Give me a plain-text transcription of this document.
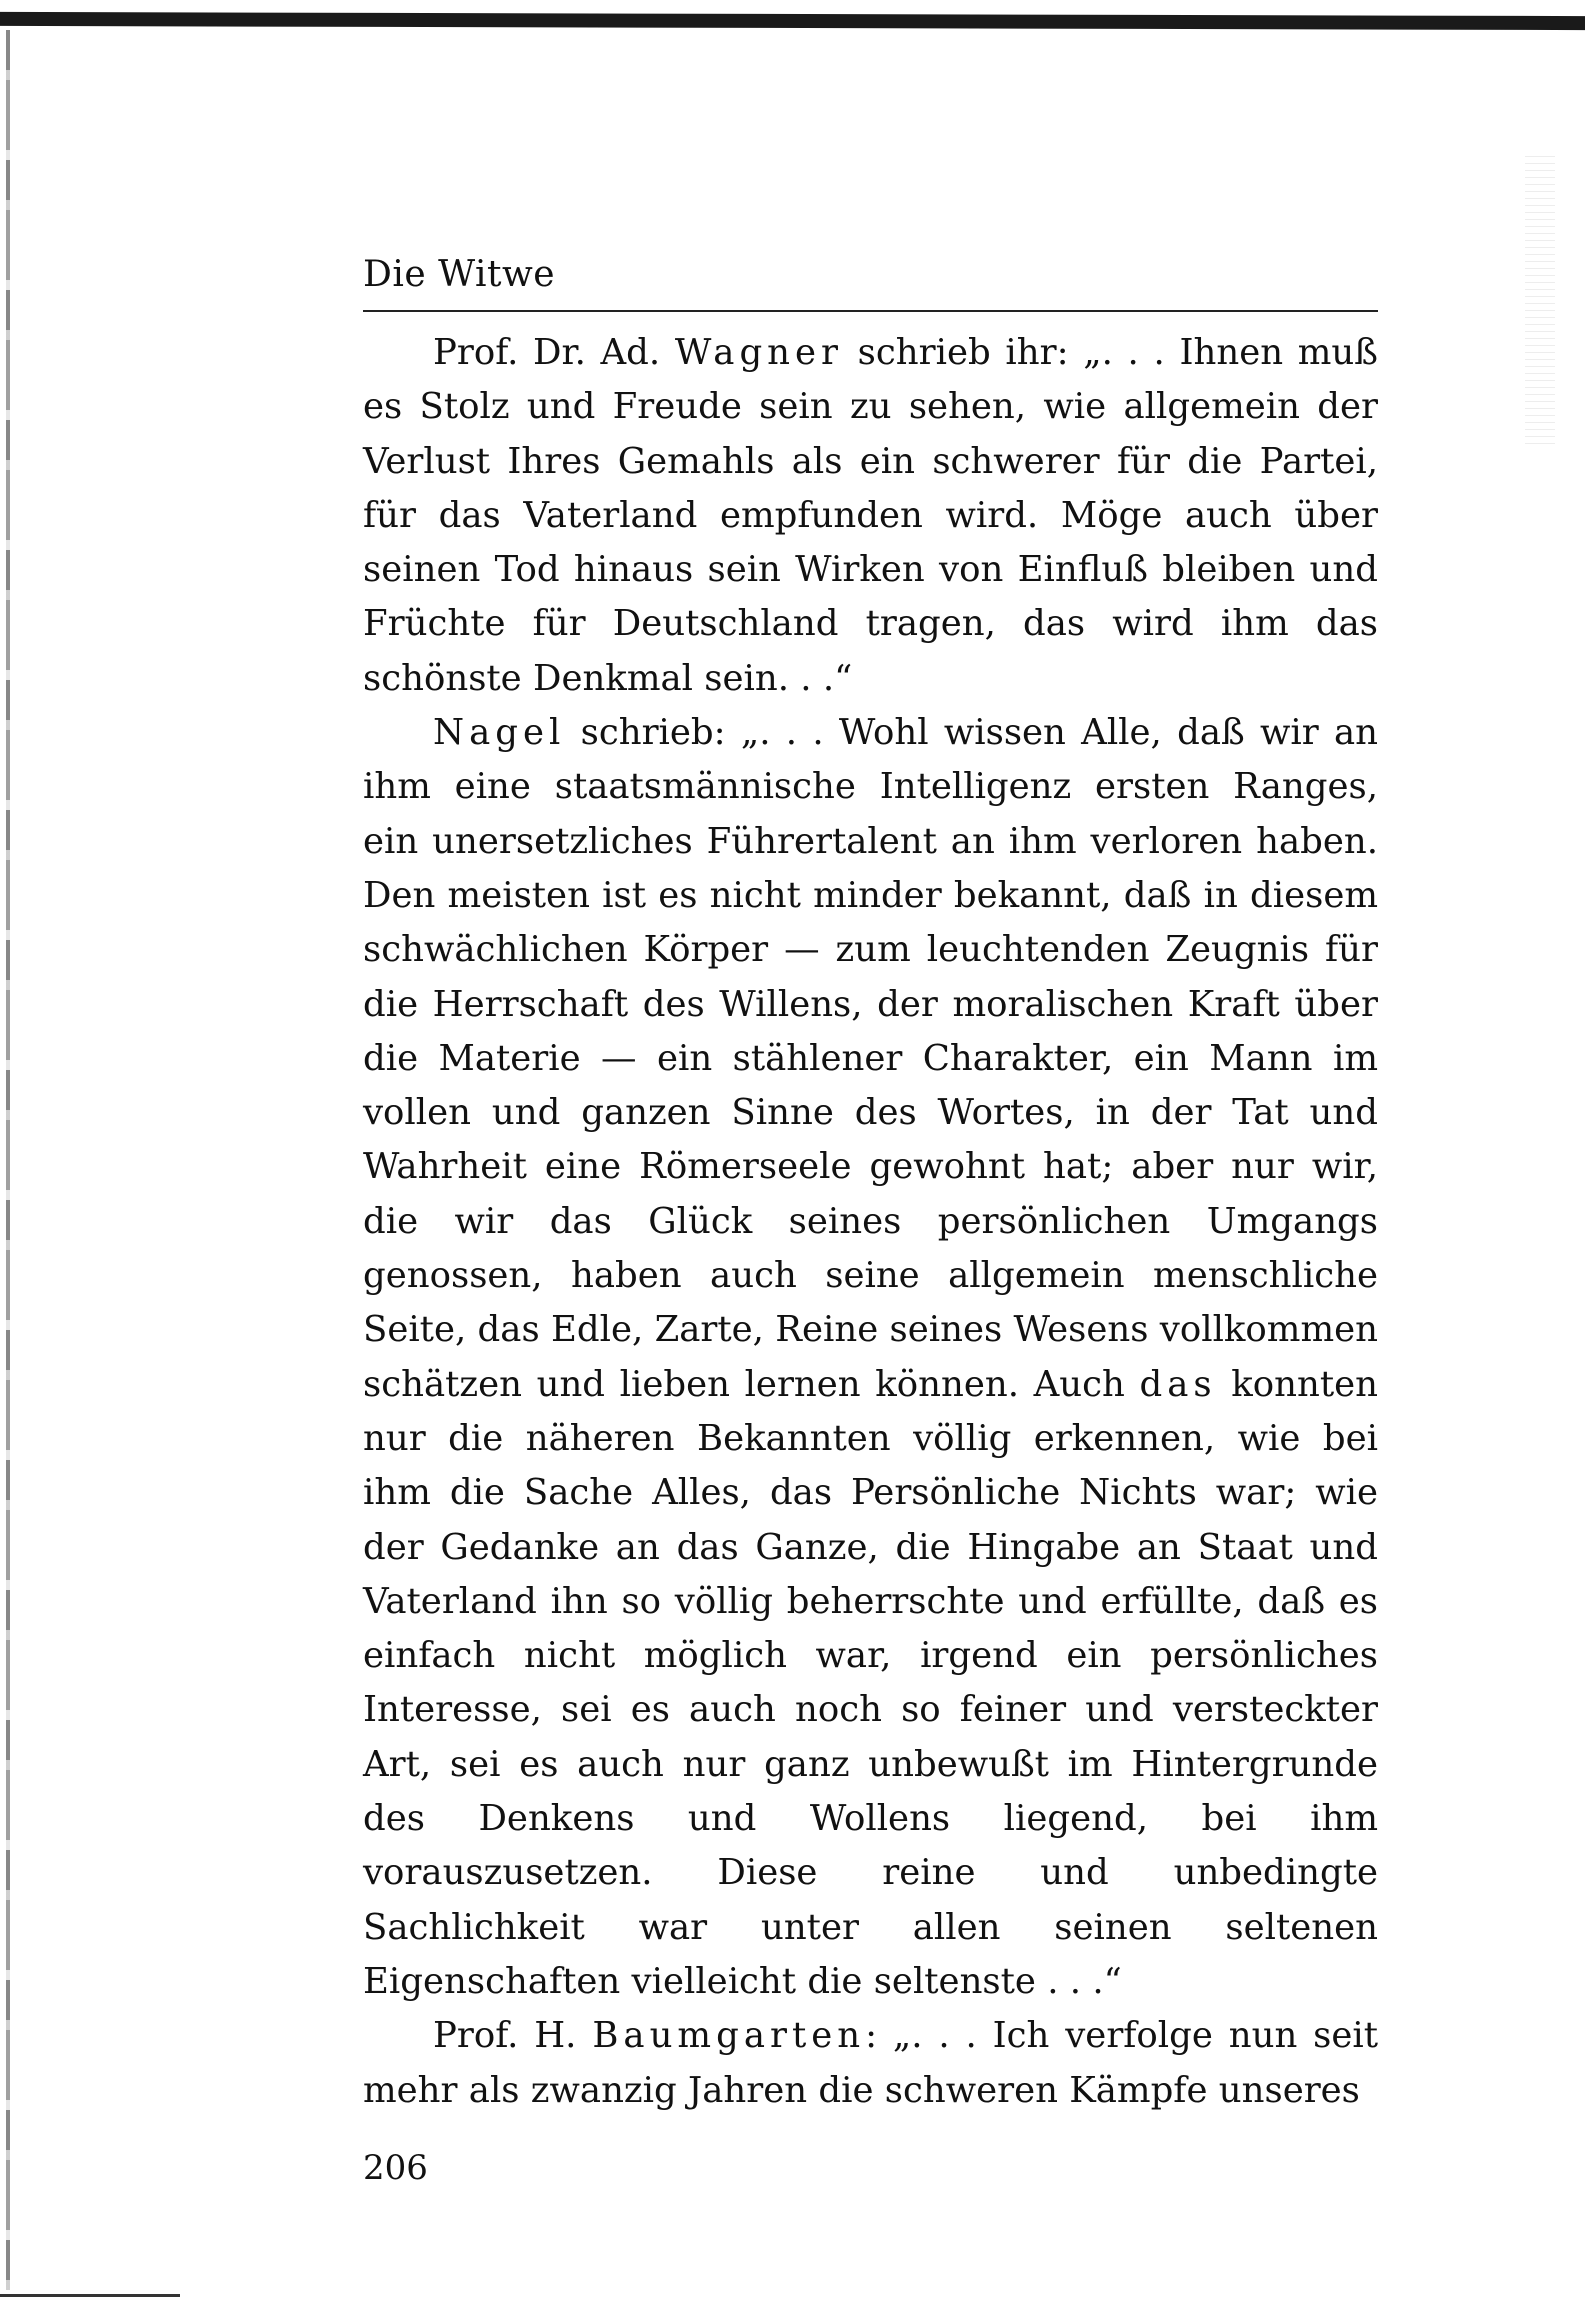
Die Witwe

Prof. Dr. Ad. Wagner schrieb ihr: „. . . Ihnen muß es Stolz und Freude sein zu sehen, wie allgemein der Verlust Ihres Gemahls als ein schwerer für die Partei, für das Vaterland empfunden wird. Möge auch über seinen Tod hinaus sein Wirken von Einfluß bleiben und Früchte für Deutschland tragen, das wird ihm das schönste Denkmal sein. . .“

Nagel schrieb: „. . . Wohl wissen Alle, daß wir an ihm eine staatsmännische Intelligenz ersten Ranges, ein unersetzliches Führertalent an ihm verloren haben. Den meisten ist es nicht minder bekannt, daß in diesem schwächlichen Körper — zum leuchtenden Zeugnis für die Herrschaft des Willens, der moralischen Kraft über die Materie — ein stählener Charakter, ein Mann im vollen und ganzen Sinne des Wortes, in der Tat und Wahrheit eine Römerseele gewohnt hat; aber nur wir, die wir das Glück seines persönlichen Umgangs genossen, haben auch seine allgemein menschliche Seite, das Edle, Zarte, Reine seines Wesens vollkommen schätzen und lieben lernen können. Auch das konnten nur die näheren Bekannten völlig erkennen, wie bei ihm die Sache Alles, das Persönliche Nichts war; wie der Gedanke an das Ganze, die Hingabe an Staat und Vaterland ihn so völlig beherrschte und erfüllte, daß es einfach nicht möglich war, irgend ein persönliches Interesse, sei es auch noch so feiner und versteckter Art, sei es auch nur ganz unbewußt im Hintergrunde des Denkens und Wollens liegend, bei ihm vorauszusetzen. Diese reine und unbedingte Sachlichkeit war unter allen seinen seltenen Eigenschaften vielleicht die seltenste . . .“

Prof. H. Baumgarten: „. . . Ich verfolge nun seit mehr als zwanzig Jahren die schweren Kämpfe unseres

206
